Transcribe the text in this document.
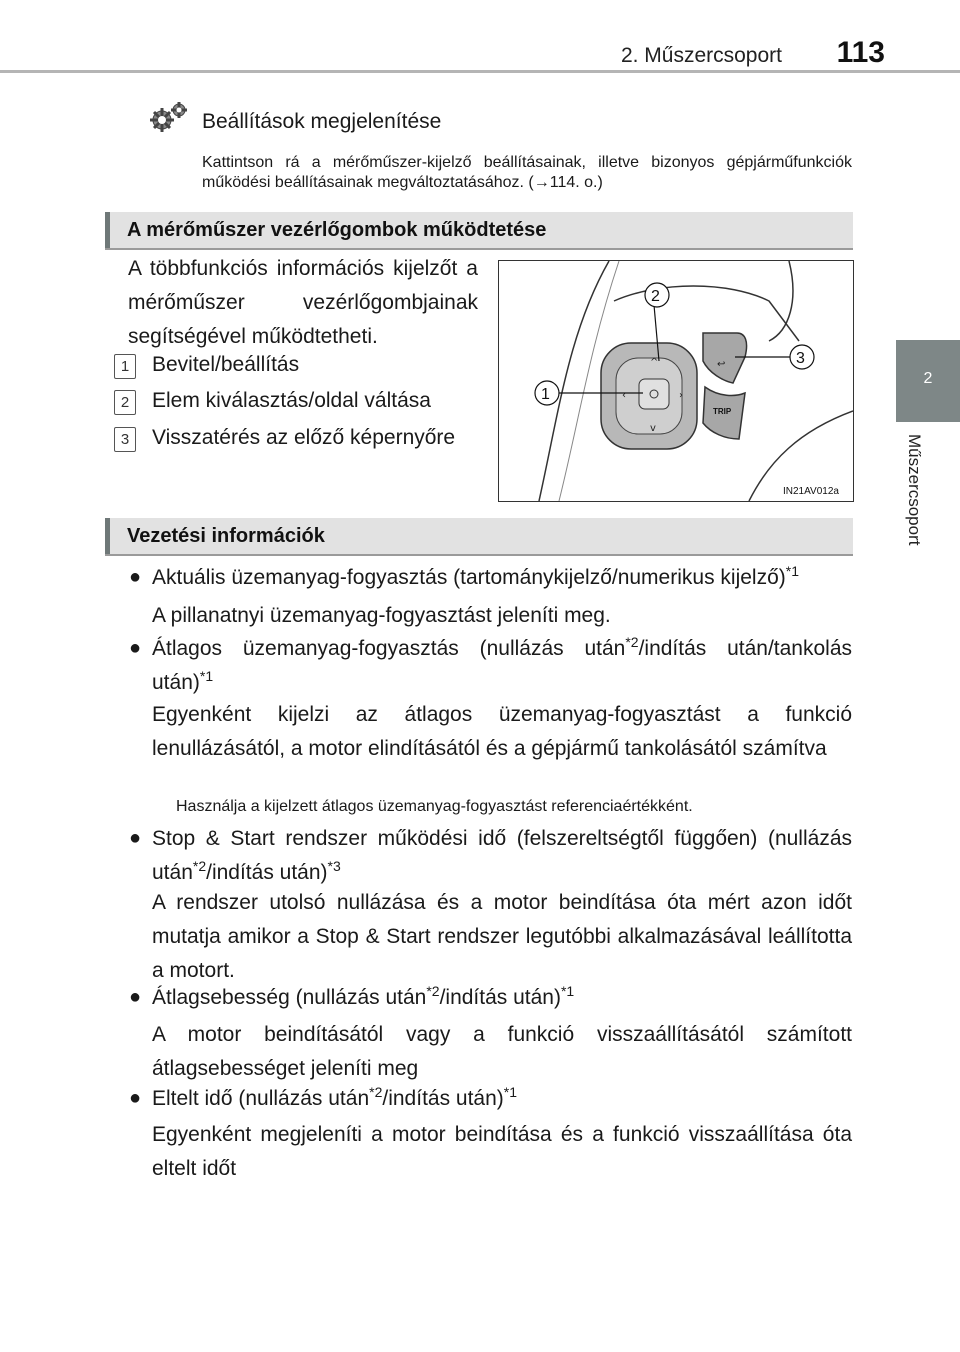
2. Műszercsoport 113
2
Műszercsoport
Beállítások megjelenítése
Kattintson rá a mérőműszer-kijelző beállításainak, illetve bizonyos gépjárműfunkciók működési beállításainak megváltoztatásához. (→114. o.)
A mérőműszer vezérlőgombok működtetése
A többfunkciós információs kijelzőt a mérőműszer vezérlőgombjainak segítségével működtetheti.
1	Bevitel/beállítás
2	Elem kiválasztás/oldal váltása
3	Visszatérés az előző képernyőre
TRIP
^
v
‹	›
↩
2
3
1
IN21AV012a
Vezetési információk
● Aktuális üzemanyag-fogyasztás (tartománykijelző/numerikus kijelző)$^{*1}$
A pillanatnyi üzemanyag-fogyasztást jeleníti meg.
● Átlagos üzemanyag-fogyasztás (nullázás után$^{*2}$/indítás után/tankolás után)$^{*1}$
Egyenként kijelzi az átlagos üzemanyag-fogyasztást a funkció lenullázásától, a motor elindításától és a gépjármű tankolásától számítva
Használja a kijelzett átlagos üzemanyag-fogyasztást referenciaértékként.
● Stop & Start rendszer működési idő (felszereltségtől függően) (nullázás után$^{*2}$/indítás után)$^{*3}$
A rendszer utolsó nullázása és a motor beindítása óta mért azon időt mutatja amikor a Stop & Start rendszer legutóbbi alkalmazásával leállította a motort.
● Átlagsebesség (nullázás után$^{*2}$/indítás után)$^{*1}$
A motor beindításától vagy a funkció visszaállításától számított átlagsebességet jeleníti meg
● Eltelt idő (nullázás után$^{*2}$/indítás után)$^{*1}$
Egyenként megjeleníti a motor beindítása és a funkció visszaállítása óta eltelt időt
